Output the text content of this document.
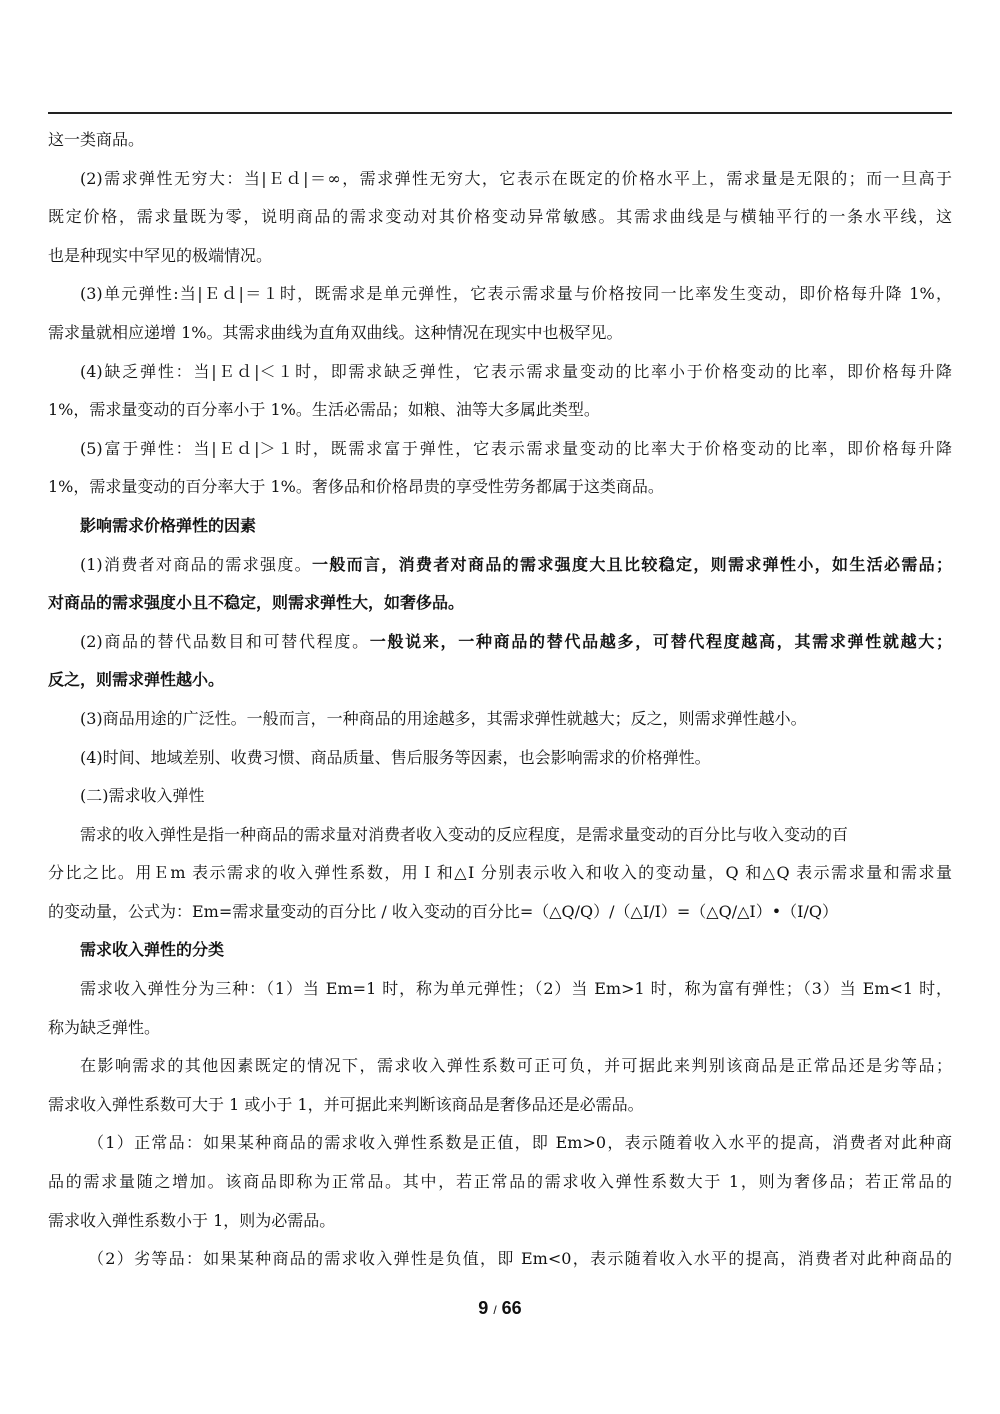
这一类商品。
(2)需求弹性无穷大：当|Ｅｄ|＝∞，需求弹性无穷大，它表示在既定的价格水平上，需求量是无限的；而一旦高于
既定价格，需求量既为零，说明商品的需求变动对其价格变动异常敏感。其需求曲线是与横轴平行的一条水平线，这
也是种现实中罕见的极端情况。
(3)单元弹性:当|Ｅｄ|＝１时，既需求是单元弹性，它表示需求量与价格按同一比率发生变动，即价格每升降 1%，
需求量就相应递增 1%。其需求曲线为直角双曲线。这种情况在现实中也极罕见。
(4)缺乏弹性：当|Ｅｄ|＜１时，即需求缺乏弹性，它表示需求量变动的比率小于价格变动的比率，即价格每升降
1%，需求量变动的百分率小于 1%。生活必需品；如粮、油等大多属此类型。
(5)富于弹性：当|Ｅｄ|＞１时，既需求富于弹性，它表示需求量变动的比率大于价格变动的比率，即价格每升降
1%，需求量变动的百分率大于 1%。奢侈品和价格昂贵的享受性劳务都属于这类商品。
影响需求价格弹性的因素
(1)消费者对商品的需求强度。一般而言，消费者对商品的需求强度大且比较稳定，则需求弹性小，如生活必需品；
对商品的需求强度小且不稳定，则需求弹性大，如奢侈品。
(2)商品的替代品数目和可替代程度。一般说来，一种商品的替代品越多，可替代程度越高，其需求弹性就越大；
反之，则需求弹性越小。
(3)商品用途的广泛性。一般而言，一种商品的用途越多，其需求弹性就越大；反之，则需求弹性越小。
(4)时间、地域差别、收费习惯、商品质量、售后服务等因素，也会影响需求的价格弹性。
(二)需求收入弹性
需求的收入弹性是指一种商品的需求量对消费者收入变动的反应程度，是需求量变动的百分比与收入变动的百
分比之比。用Ｅm 表示需求的收入弹性系数，用Ｉ和△I 分别表示收入和收入的变动量，Q 和△Q 表示需求量和需求量
的变动量，公式为：Em=需求量变动的百分比 / 收入变动的百分比=（△Q/Q）/（△I/I）=（△Q/△I）•（I/Q）
需求收入弹性的分类
需求收入弹性分为三种：（1）当 Em=1 时，称为单元弹性；（2）当 Em>1 时，称为富有弹性；（3）当 Em<1 时，
称为缺乏弹性。
在影响需求的其他因素既定的情况下，需求收入弹性系数可正可负，并可据此来判别该商品是正常品还是劣等品；
需求收入弹性系数可大于 1 或小于 1，并可据此来判断该商品是奢侈品还是必需品。
（1）正常品：如果某种商品的需求收入弹性系数是正值，即 Em>0，表示随着收入水平的提高，消费者对此种商
品的需求量随之增加。该商品即称为正常品。其中，若正常品的需求收入弹性系数大于 1，则为奢侈品；若正常品的
需求收入弹性系数小于 1，则为必需品。
（2）劣等品：如果某种商品的需求收入弹性是负值，即 Em<0，表示随着收入水平的提高，消费者对此种商品的
9 / 66
